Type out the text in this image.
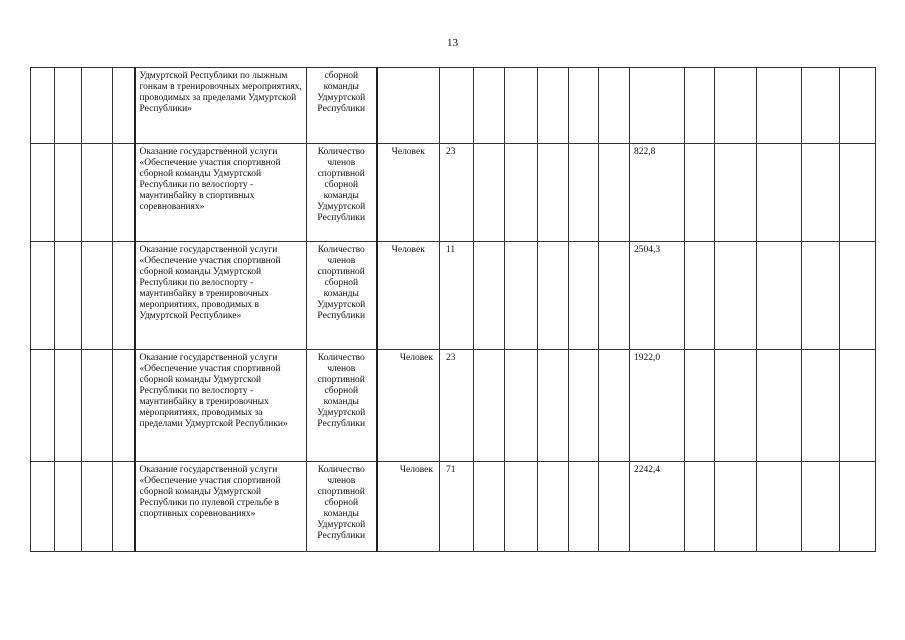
13
				Удмуртской Республики по лыжным гонкам в тренировочных мероприятиях, проводимых за пределами Удмуртской Республики»	сборной команды Удмуртской Республики													
				Оказание государственной услуги «Обеспечение участия спортивной сборной команды Удмуртской Республики по велоспорту - маунтинбайку в спортивных соревнованиях»	Количество членов спортивной сборной команды Удмуртской Республики	Человек	23						822,8					
				Оказание государственной услуги «Обеспечение участия спортивной сборной команды Удмуртской Республики по велоспорту - маунтинбайку в тренировочных мероприятиях, проводимых в Удмуртской Республике»	Количество членов спортивной сборной команды Удмуртской Республики	Человек	11						2504,3					
				Оказание государственной услуги «Обеспечение участия спортивной сборной команды Удмуртской Республики по велоспорту - маунтинбайку в тренировочных мероприятиях, проводимых за пределами Удмуртской Республики»	Количество членов спортивной сборной команды Удмуртской Республики	Человек	23						1922,0					
				Оказание государственной услуги «Обеспечение участия спортивной сборной команды Удмуртской Республики по пулевой стрельбе в спортивных соревнованиях»	Количество членов спортивной сборной команды Удмуртской Республики	Человек	71						2242,4					
